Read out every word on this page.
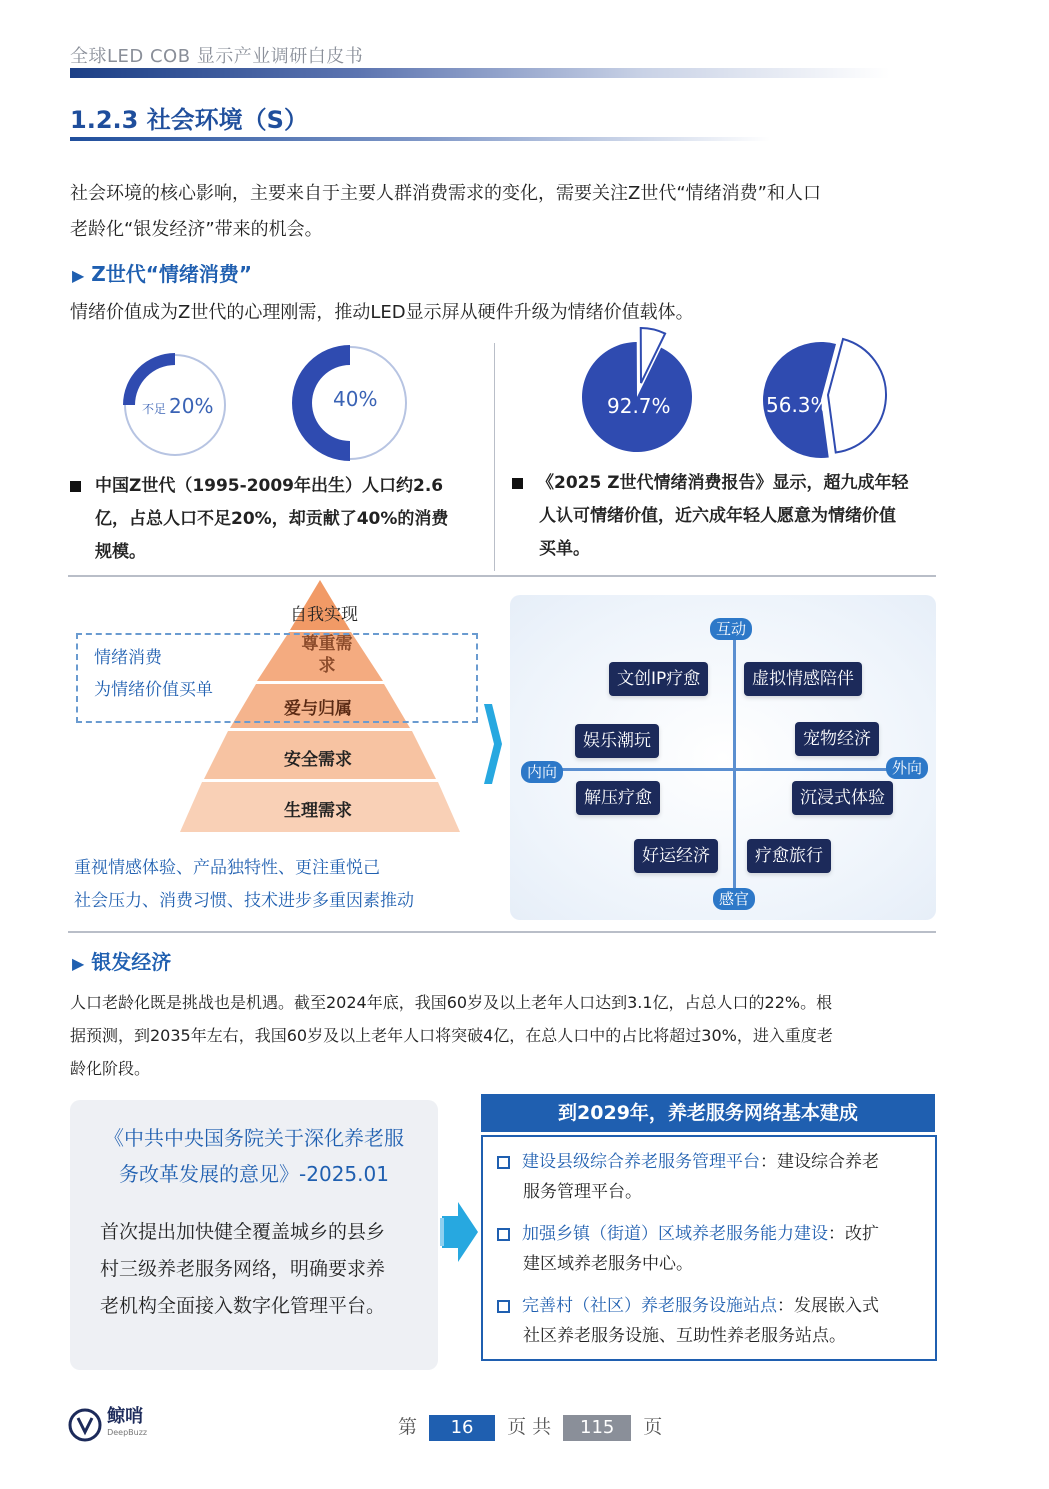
全球LED COB 显示产业调研白皮书
1.2.3 社会环境（S）
社会环境的核心影响，主要来自于主要人群消费需求的变化，需要关注Z世代“情绪消费”和人口
老龄化“银发经济”带来的机会。
▶ Z世代“情绪消费”
情绪价值成为Z世代的心理刚需，推动LED显示屏从硬件升级为情绪价值载体。
不足 20%	40%	92.7%	56.3%
中国Z世代（1995-2009年出生）人口约2.6
亿，占总人口不足20%，却贡献了40%的消费
规模。
《2025 Z世代情绪消费报告》显示，超九成年轻
人认可情绪价值，近六成年轻人愿意为情绪价值
买单。
自我实现
尊重需求
爱与归属
安全需求
生理需求
情绪消费
为情绪价值买单
重视情感体验、产品独特性、更注重悦己
社会压力、消费习惯、技术进步多重因素推动
互动
感官
内向	外向
文创IP疗愈	虚拟情感陪伴
娱乐潮玩	宠物经济
解压疗愈	沉浸式体验
好运经济	疗愈旅行
▶ 银发经济
人口老龄化既是挑战也是机遇。截至2024年底，我国60岁及以上老年人口达到3.1亿，占总人口的22%。根
据预测，到2035年左右，我国60岁及以上老年人口将突破4亿，在总人口中的占比将超过30%，进入重度老
龄化阶段。
《中共中央国务院关于深化养老服
务改革发展的意见》-2025.01
首次提出加快健全覆盖城乡的县乡
村三级养老服务网络，明确要求养
老机构全面接入数字化管理平台。
到2029年，养老服务网络基本建成
建设县级综合养老服务管理平台：建设综合养老
服务管理平台。
加强乡镇（街道）区域养老服务能力建设：改扩
建区域养老服务中心。
完善村（社区）养老服务设施站点：发展嵌入式
社区养老服务设施、互助性养老服务站点。

鲸哨
DeepBuzz	第 16 页 共 115 页
